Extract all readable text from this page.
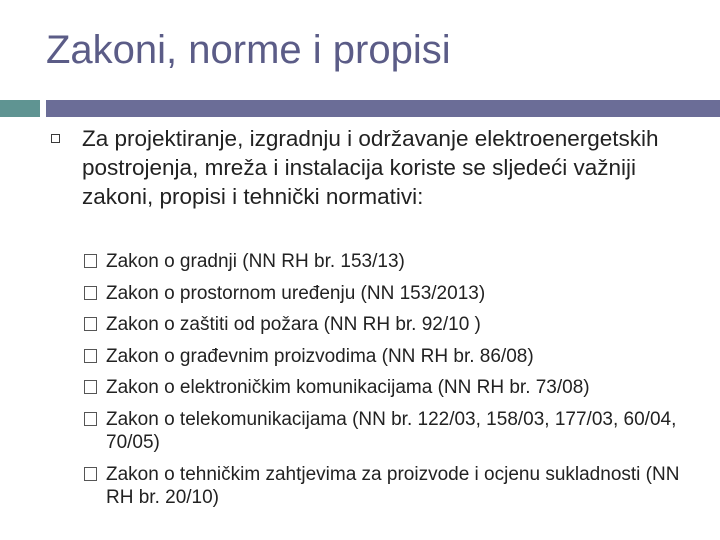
Zakoni, norme i propisi
Za projektiranje, izgradnju i održavanje elektroenergetskih postrojenja, mreža i instalacija koriste se sljedeći važniji zakoni, propisi i tehnički normativi:
Zakon o gradnji (NN RH br. 153/13)
Zakon o prostornom uređenju (NN 153/2013)
Zakon o zaštiti od požara (NN RH br. 92/10 )
Zakon o građevnim proizvodima (NN RH br. 86/08)
Zakon o elektroničkim komunikacijama (NN RH br. 73/08)
Zakon o telekomunikacijama (NN br. 122/03, 158/03, 177/03, 60/04, 70/05)
Zakon o tehničkim zahtjevima za proizvode i ocjenu sukladnosti (NN RH br. 20/10)
